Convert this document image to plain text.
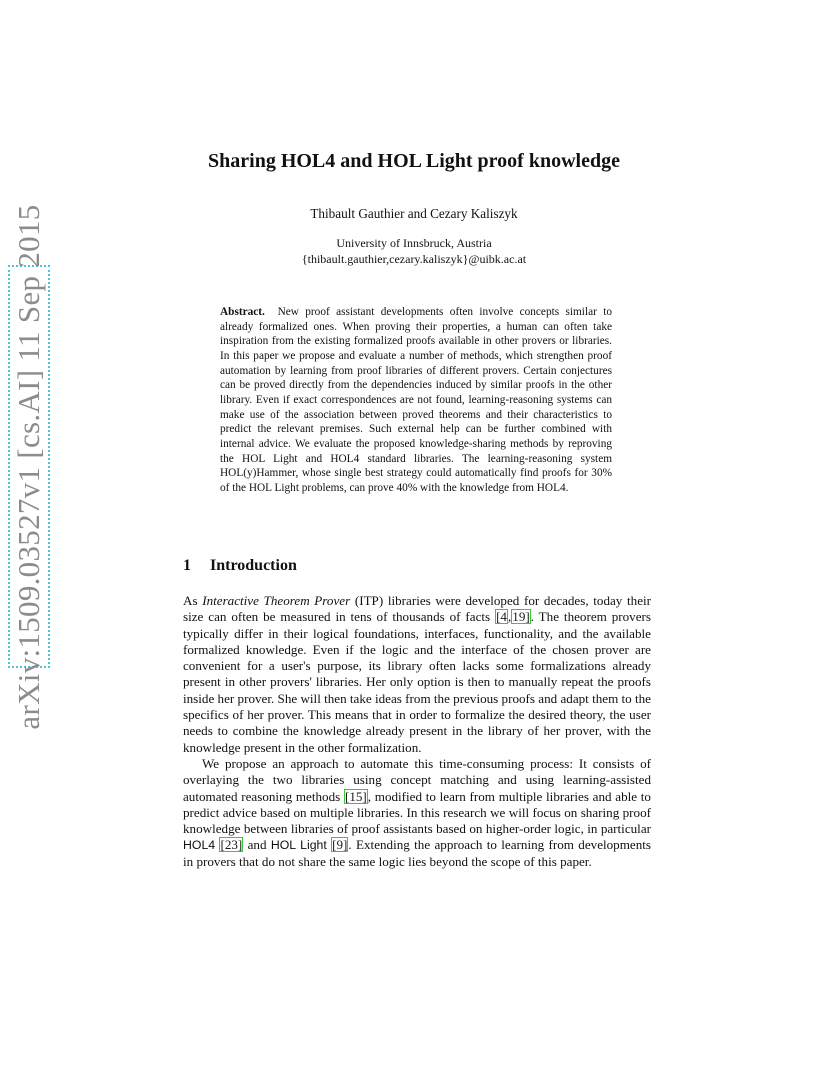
arXiv:1509.03527v1 [cs.AI] 11 Sep 2015
Sharing HOL4 and HOL Light proof knowledge
Thibault Gauthier and Cezary Kaliszyk
University of Innsbruck, Austria
{thibault.gauthier,cezary.kaliszyk}@uibk.ac.at

Abstract. New proof assistant developments often involve concepts similar to already formalized ones. When proving their properties, a human can often take inspiration from the existing formalized proofs available in other provers or libraries. In this paper we propose and evaluate a number of methods, which strengthen proof automation by learning from proof libraries of different provers. Certain conjectures can be proved directly from the dependencies induced by similar proofs in the other library. Even if exact correspondences are not found, learning-reasoning systems can make use of the association between proved theorems and their characteristics to predict the relevant premises. Such external help can be further combined with internal advice. We evaluate the proposed knowledge-sharing methods by reproving the HOL Light and HOL4 standard libraries. The learning-reasoning system HOL(y)Hammer, whose single best strategy could automatically find proofs for 30% of the HOL Light problems, can prove 40% with the knowledge from HOL4.

1 Introduction

As Interactive Theorem Prover (ITP) libraries were developed for decades, today their size can often be measured in tens of thousands of facts [4,19]. The theorem provers typically differ in their logical foundations, interfaces, functionality, and the available formalized knowledge. Even if the logic and the interface of the chosen prover are convenient for a user's purpose, its library often lacks some formalizations already present in other provers' libraries. Her only option is then to manually repeat the proofs inside her prover. She will then take ideas from the previous proofs and adapt them to the specifics of her prover. This means that in order to formalize the desired theory, the user needs to combine the knowledge already present in the library of her prover, with the knowledge present in the other formalization.

We propose an approach to automate this time-consuming process: It consists of overlaying the two libraries using concept matching and using learning-assisted automated reasoning methods [15], modified to learn from multiple libraries and able to predict advice based on multiple libraries. In this research we will focus on sharing proof knowledge between libraries of proof assistants based on higher-order logic, in particular HOL4 [23] and HOL Light [9]. Extending the approach to learning from developments in provers that do not share the same logic lies beyond the scope of this paper.
